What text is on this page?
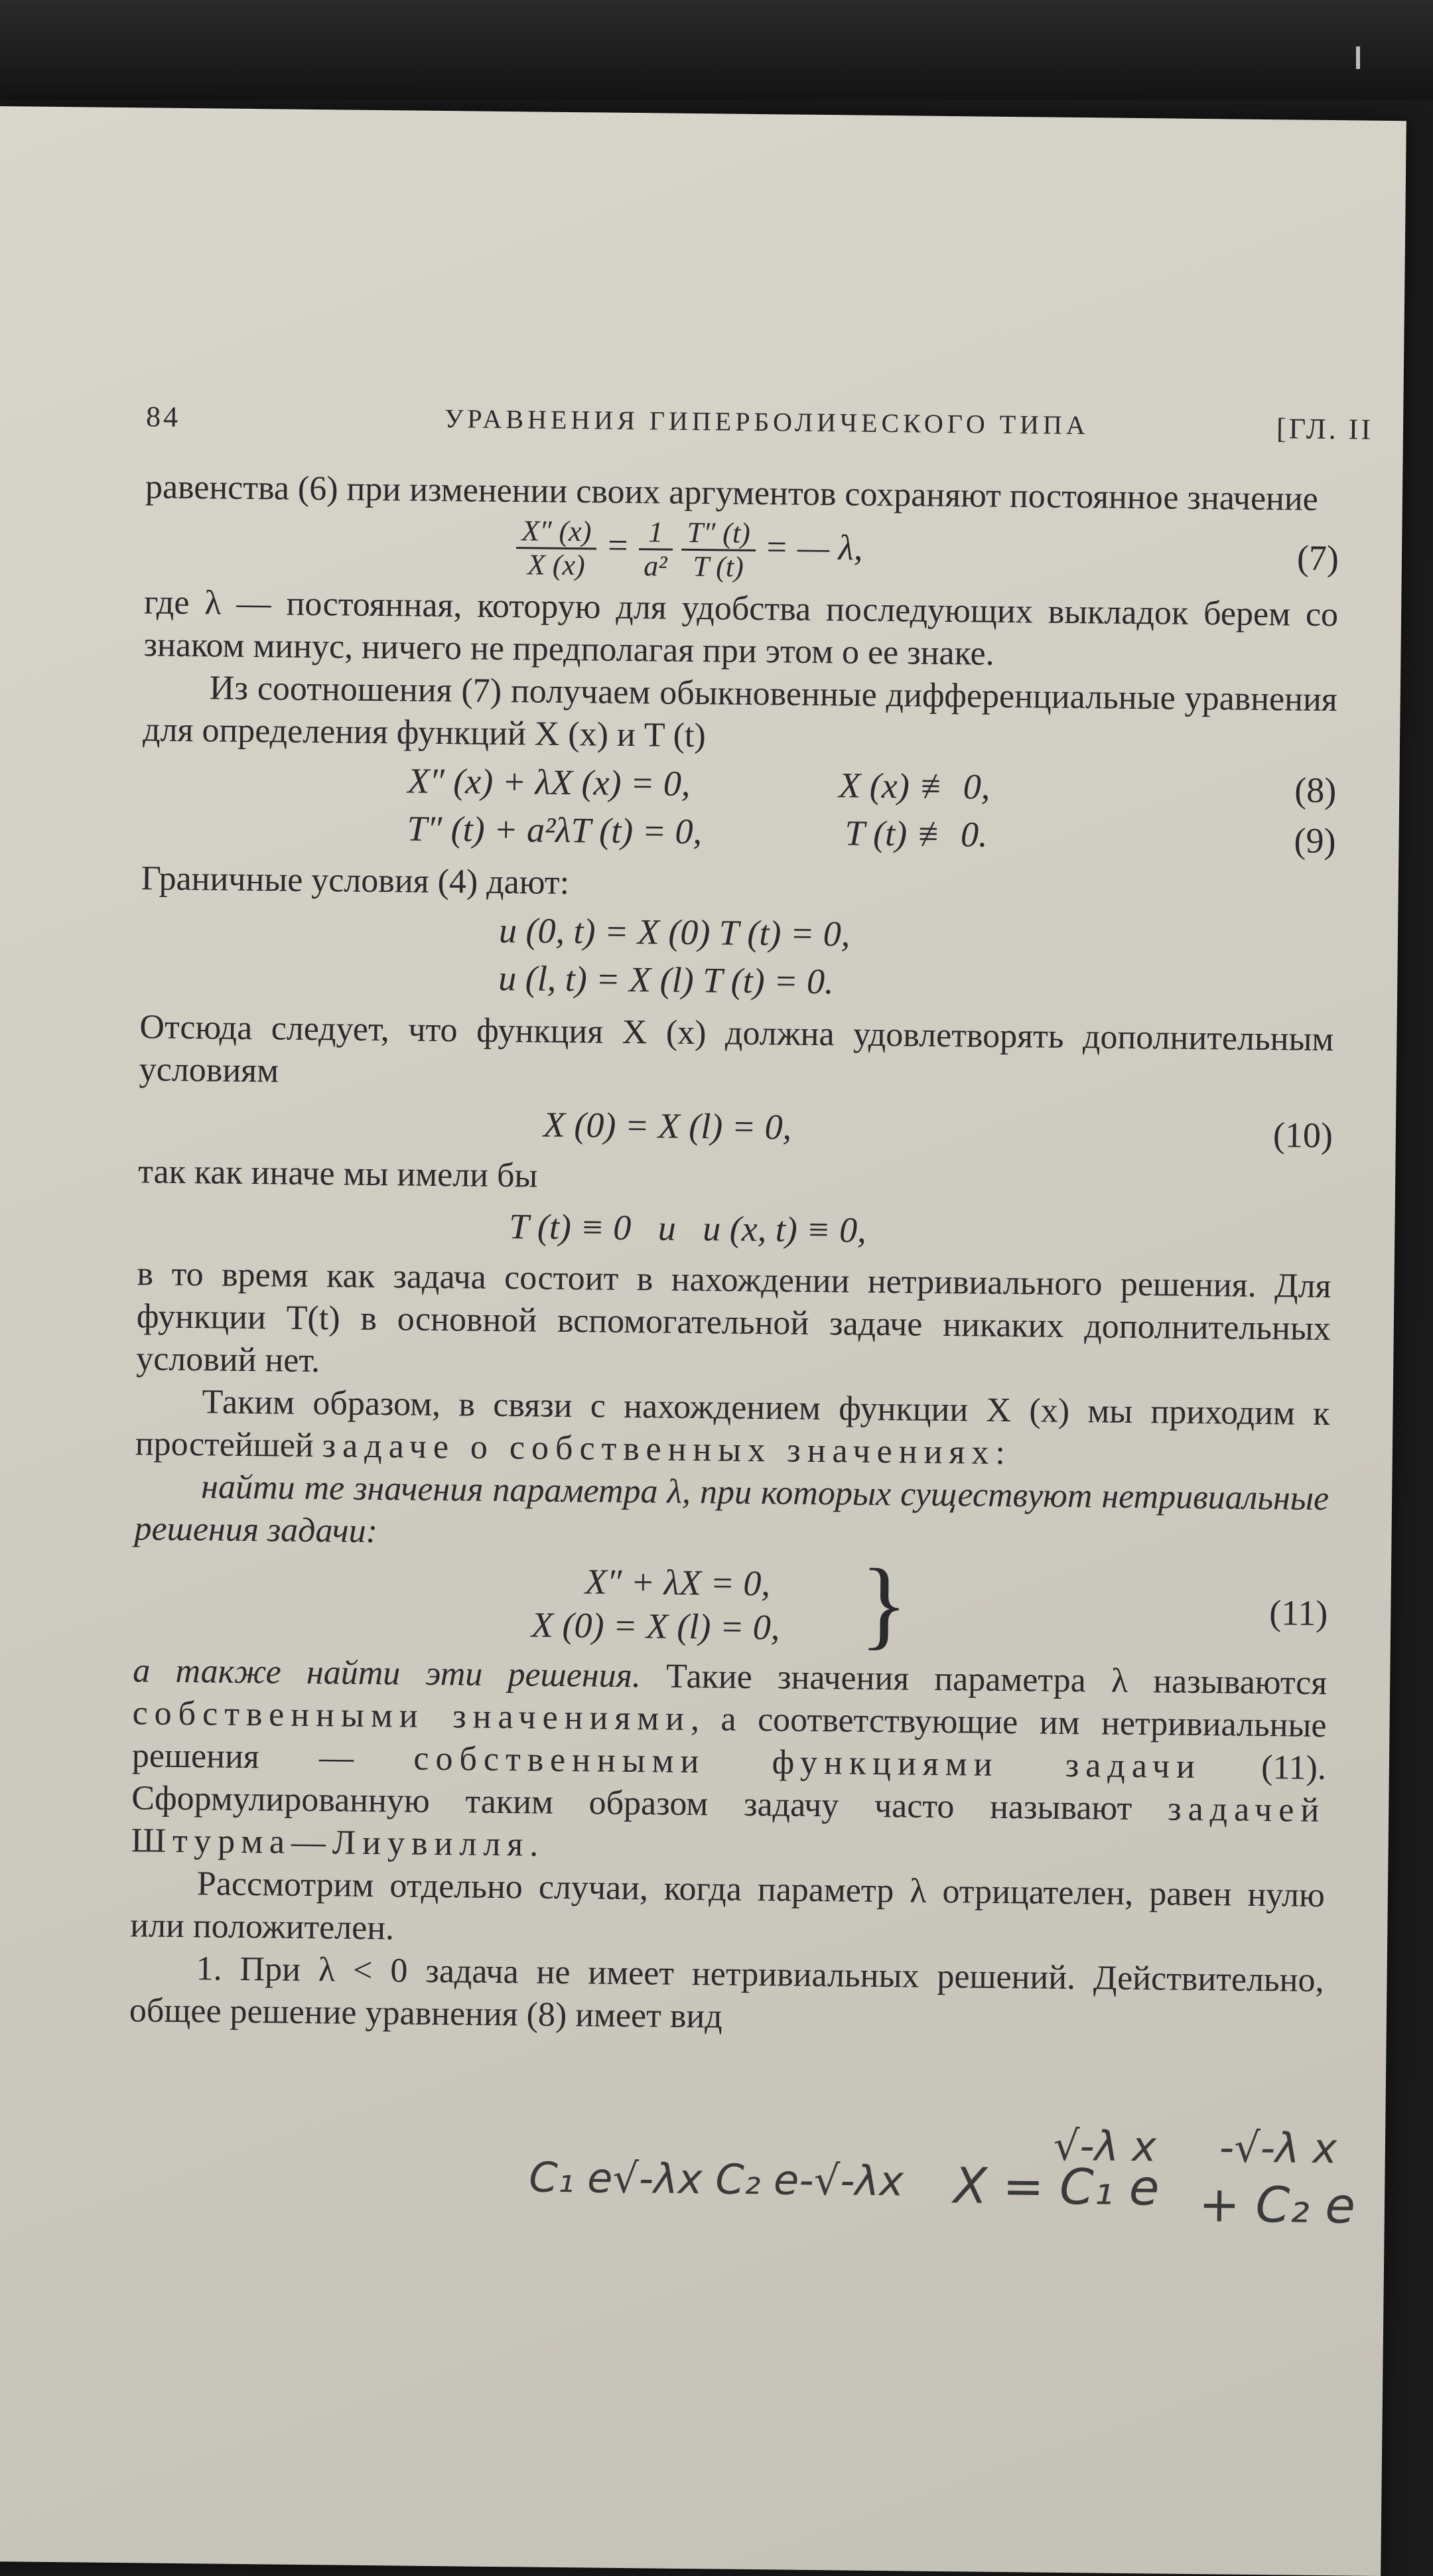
84	УРАВНЕНИЯ ГИПЕРБОЛИЧЕСКОГО ТИПА	[ГЛ. II

равенства (6) при изменении своих аргументов сохраняют постоянное значение

$\frac{X'' (x)}{X (x)} = \frac{1}{\text{a²}}$
$\frac{T'' (t)}{T (t)}$ = — λ,	(7)

где λ — постоянная, которую для удобства последующих выкладок берем со знаком минус, ничего не предполагая при этом о ее знаке.

Из соотношения (7) получаем обыкновенные дифференциальные уравнения для определения функций X (x) и T (t)

X″ (x) + λX (x) = 0,	X (x) ≢ 0,	(8)
T″ (t) + a²λT (t) = 0,	T (t) ≢ 0.	(9)

Граничные условия (4) дают:

u (0, t) = X (0) T (t) = 0,
u (l, t) = X (l) T (t) = 0.

Отсюда следует, что функция X (x) должна удовлетворять дополнительным условиям

X (0) = X (l) = 0,	(10)

так как иначе мы имели бы

T (t) ≡ 0   и   u (x, t) ≡ 0,

в то время как задача состоит в нахождении нетривиального решения. Для функции T(t) в основной вспомогательной задаче никаких дополнительных условий нет.

Таким образом, в связи с нахождением функции X (x) мы приходим к простейшей задаче о собственных значениях:

найти те значения параметра λ, при которых существуют нетривиальные решения задачи:

X″ + λX = 0,
X (0) = X (l) = 0, }	(11)

а также найти эти решения. Такие значения параметра λ называются собственными значениями, а соответствующие им нетривиальные решения — собственными функциями задачи (11). Сформулированную таким образом задачу часто называют задачей Штурма—Лиувилля.

Рассмотрим отдельно случаи, когда параметр λ отрицателен, равен нулю или положителен.

1. При λ < 0 задача не имеет нетривиальных решений. Действительно, общее решение уравнения (8) имеет вид

C₁ e√-λx C₂ e-√-λx X = C₁ e
√-λ x -√-λ x
+ C₂ e
